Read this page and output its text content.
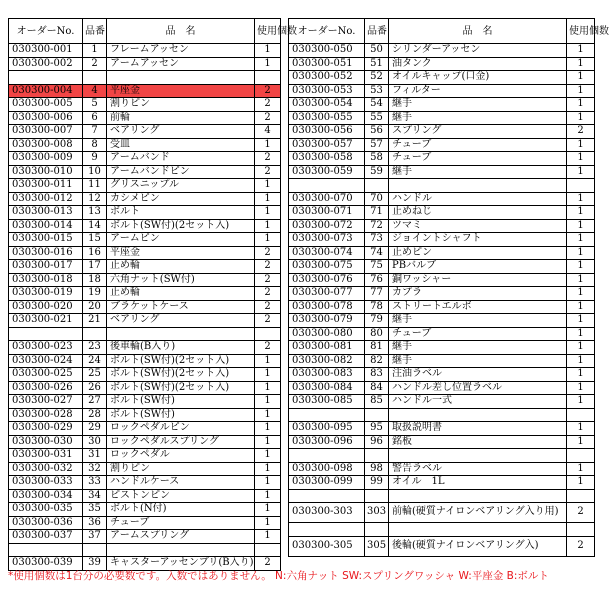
オーダーNo.	品番	品　名	使用個数
030300-001	1	フレームアッセン	1
030300-002	2	アームアッセン	1

030300-004	4	平座金	2
030300-005	5	割りピン	2
030300-006	6	前輪	2
030300-007	7	ベアリング	4
030300-008	8	受皿	1
030300-009	9	アームバンド	2
030300-010	10	アームバンドピン	2
030300-011	11	グリスニップル	1
030300-012	12	カシメピン	1
030300-013	13	ボルト	1
030300-014	14	ボルト(SW付)(2セット入)	1
030300-015	15	アームピン	1
030300-016	16	平座金	2
030300-017	17	止め輪	2
030300-018	18	六角ナット(SW付)	2
030300-019	19	止め輪	2
030300-020	20	ブラケットケース	2
030300-021	21	ベアリング	2

030300-023	23	後車輪(B入り)	2
030300-024	24	ボルト(SW付)(2セット入)	1
030300-025	25	ボルト(SW付)(2セット入)	1
030300-026	26	ボルト(SW付)(2セット入)	1
030300-027	27	ボルト(SW付)	1
030300-028	28	ボルト(SW付)	1
030300-029	29	ロックペダルピン	1
030300-030	30	ロックペダルスプリング	1
030300-031	31	ロックペダル	1
030300-032	32	割りピン	1
030300-033	33	ハンドルケース	1
030300-034	34	ピストンピン	1
030300-035	35	ボルト(N付)	1
030300-036	36	チューブ	1
030300-037	37	アームスプリング	1

030300-039	39	キャスターアッセンブリ(B入り)	2
オーダーNo.	品番	品　名	使用個数
030300-050	50	シリンダーアッセン	1
030300-051	51	油タンク	1
030300-052	52	オイルキャップ(口金)	1
030300-053	53	フィルター	1
030300-054	54	継手	1
030300-055	55	継手	1
030300-056	56	スプリング	2
030300-057	57	チューブ	1
030300-058	58	チューブ	1
030300-059	59	継手	1

030300-070	70	ハンドル	1
030300-071	71	止めねじ	1
030300-072	72	ツマミ	1
030300-073	73	ジョイントシャフト	1
030300-074	74	止めピン	1
030300-075	75	PBバルブ	1
030300-076	76	銅ワッシャー	1
030300-077	77	カプラ	1
030300-078	78	ストリートエルボ	1
030300-079	79	継手	1
030300-080	80	チューブ	1
030300-081	81	継手	1
030300-082	82	継手	1
030300-083	83	注油ラベル	1
030300-084	84	ハンドル差し位置ラベル	1
030300-085	85	ハンドル一式	1

030300-095	95	取扱説明書	1
030300-096	96	銘板	1

030300-098	98	警告ラベル	1
030300-099	99	オイル　1L	1

030300-303	303	前輪(硬質ナイロンベアリング入り用)	2

030300-305	305	後輪(硬質ナイロンベアリング入)	2
*使用個数は1台分の必要数です。入数ではありません。 N:六角ナット SW:スプリングワッシャ W:平座金 B:ボルト
